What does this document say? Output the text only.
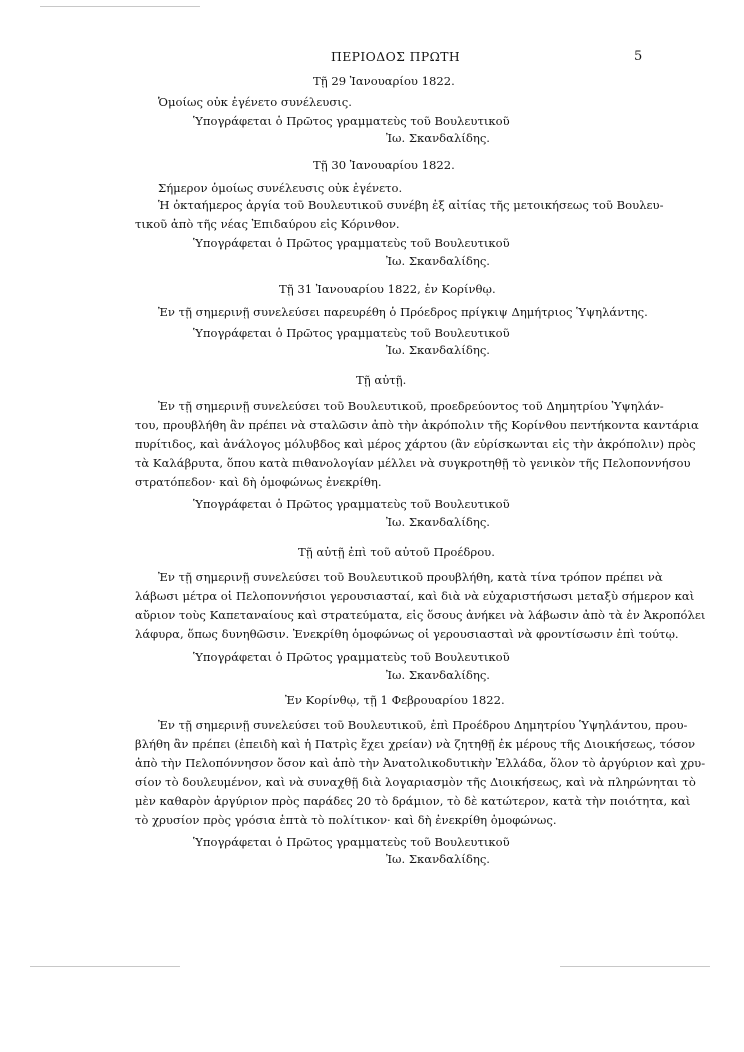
ΠΕΡΙΟΔΟΣ ΠΡΩΤΗ	5
Τῇ 29 Ἰανουαρίου 1822.
Ὁμοίως οὐκ ἐγένετο συνέλευσις.
Ὑπογράφεται ὁ Πρῶτος γραμματεὺς τοῦ Βουλευτικοῦ
Ἰω. Σκανδαλίδης.
Τῇ 30 Ἰανουαρίου 1822.
Σήμερον ὁμοίως συνέλευσις οὐκ ἐγένετο.
Ἡ ὀκταήμερος ἀργία τοῦ Βουλευτικοῦ συνέβη ἐξ αἰτίας τῆς μετοικήσεως τοῦ Βουλευ-
τικοῦ ἀπὸ τῆς νέας Ἐπιδαύρου εἰς Κόρινθον.
Ὑπογράφεται ὁ Πρῶτος γραμματεὺς τοῦ Βουλευτικοῦ
Ἰω. Σκανδαλίδης.
Τῇ 31 Ἰανουαρίου 1822, ἐν Κορίνθῳ.
Ἐν τῇ σημερινῇ συνελεύσει παρευρέθη ὁ Πρόεδρος πρίγκιψ Δημήτριος Ὑψηλάντης.
Ὑπογράφεται ὁ Πρῶτος γραμματεὺς τοῦ Βουλευτικοῦ
Ἰω. Σκανδαλίδης.
Τῇ αὐτῇ.
Ἐν τῇ σημερινῇ συνελεύσει τοῦ Βουλευτικοῦ, προεδρεύοντος τοῦ Δημητρίου Ὑψηλάν-
του, προυβλήθη ἂν πρέπει νὰ σταλῶσιν ἀπὸ τὴν ἀκρόπολιν τῆς Κορίνθου πεντήκοντα καντάρια
πυρίτιδος, καὶ ἀνάλογος μόλυβδος καὶ μέρος χάρτου (ἂν εὑρίσκωνται εἰς τὴν ἀκρόπολιν) πρὸς
τὰ Καλάβρυτα, ὅπου κατὰ πιθανολογίαν μέλλει νὰ συγκροτηθῇ τὸ γενικὸν τῆς Πελοποννήσου
στρατόπεδον· καὶ δὴ ὁμοφώνως ἐνεκρίθη.
Ὑπογράφεται ὁ Πρῶτος γραμματεὺς τοῦ Βουλευτικοῦ
Ἰω. Σκανδαλίδης.
Τῇ αὐτῇ ἐπὶ τοῦ αὐτοῦ Προέδρου.
Ἐν τῇ σημερινῇ συνελεύσει τοῦ Βουλευτικοῦ προυβλήθη, κατὰ τίνα τρόπον πρέπει νὰ
λάβωσι μέτρα οἱ Πελοποννήσιοι γερουσιασταί, καὶ διὰ νὰ εὐχαριστήσωσι μεταξὺ σήμερον καὶ
αὔριον τοὺς Καπεταναίους καὶ στρατεύματα, εἰς ὅσους ἀνήκει νὰ λάβωσιν ἀπὸ τὰ ἐν Ἀκροπόλει
λάφυρα, ὅπως δυνηθῶσιν. Ἐνεκρίθη ὁμοφώνως οἱ γερουσιασταὶ νὰ φροντίσωσιν ἐπὶ τούτῳ.
Ὑπογράφεται ὁ Πρῶτος γραμματεὺς τοῦ Βουλευτικοῦ
Ἰω. Σκανδαλίδης.
Ἐν Κορίνθῳ, τῇ 1 Φεβρουαρίου 1822.
Ἐν τῇ σημερινῇ συνελεύσει τοῦ Βουλευτικοῦ, ἐπὶ Προέδρου Δημητρίου Ὑψηλάντου, πρου-
βλήθη ἂν πρέπει (ἐπειδὴ καὶ ἡ Πατρὶς ἔχει χρείαν) νὰ ζητηθῇ ἐκ μέρους τῆς Διοικήσεως, τόσον
ἀπὸ τὴν Πελοπόννησον ὅσον καὶ ἀπὸ τὴν Ἀνατολικοδυτικὴν Ἑλλάδα, ὅλον τὸ ἀργύριον καὶ χρυ-
σίον τὸ δουλευμένον, καὶ νὰ συναχθῇ διὰ λογαριασμὸν τῆς Διοικήσεως, καὶ νὰ πληρώνηται τὸ
μὲν καθαρὸν ἀργύριον πρὸς παράδες 20 τὸ δράμιον, τὸ δὲ κατώτερον, κατὰ τὴν ποιότητα, καὶ
τὸ χρυσίον πρὸς γρόσια ἑπτὰ τὸ πολίτικον· καὶ δὴ ἐνεκρίθη ὁμοφώνως.
Ὑπογράφεται ὁ Πρῶτος γραμματεὺς τοῦ Βουλευτικοῦ
Ἰω. Σκανδαλίδης.
